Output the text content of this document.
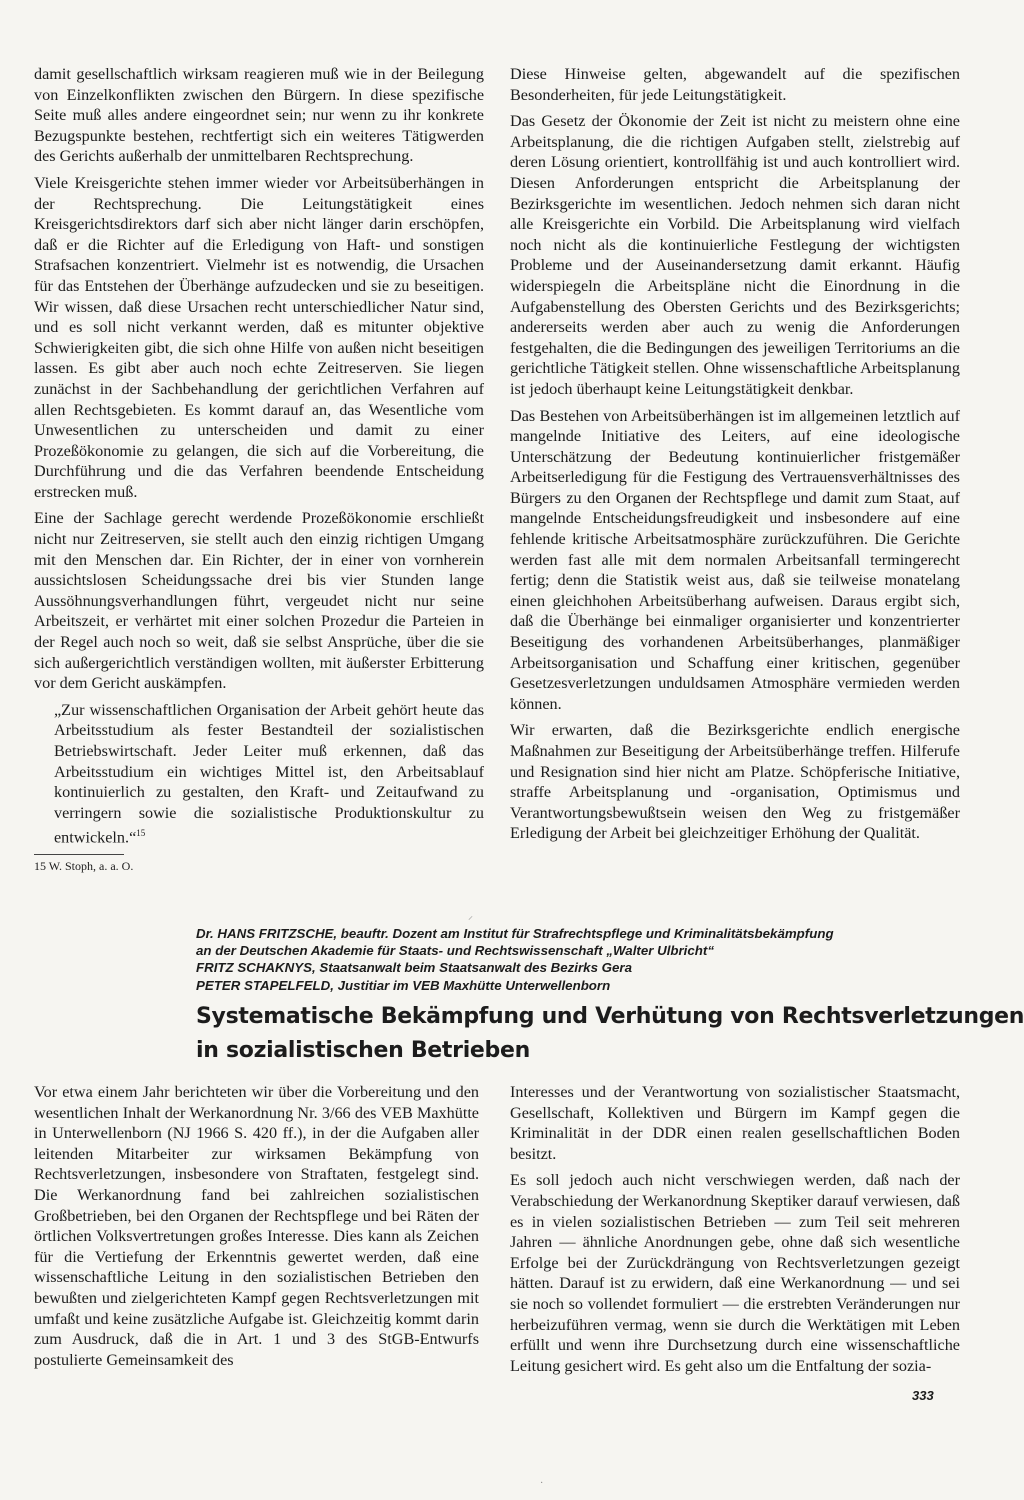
damit gesellschaftlich wirksam reagieren muß wie in der Beilegung von Einzelkonflikten zwischen den Bürgern. In diese spezifische Seite muß alles andere eingeordnet sein; nur wenn zu ihr konkrete Bezugspunkte bestehen, rechtfertigt sich ein weiteres Tätigwerden des Gerichts außerhalb der unmittelbaren Rechtsprechung.

Viele Kreisgerichte stehen immer wieder vor Arbeitsüberhängen in der Rechtsprechung. Die Leitungstätigkeit eines Kreisgerichtsdirektors darf sich aber nicht länger darin erschöpfen, daß er die Richter auf die Erledigung von Haft- und sonstigen Strafsachen konzentriert. Vielmehr ist es notwendig, die Ursachen für das Entstehen der Überhänge aufzudecken und sie zu beseitigen. Wir wissen, daß diese Ursachen recht unterschiedlicher Natur sind, und es soll nicht verkannt werden, daß es mitunter objektive Schwierigkeiten gibt, die sich ohne Hilfe von außen nicht beseitigen lassen. Es gibt aber auch noch echte Zeitreserven. Sie liegen zunächst in der Sachbehandlung der gerichtlichen Verfahren auf allen Rechtsgebieten. Es kommt darauf an, das Wesentliche vom Unwesentlichen zu unterscheiden und damit zu einer Prozeßökonomie zu gelangen, die sich auf die Vorbereitung, die Durchführung und die das Verfahren beendende Entscheidung erstrecken muß.

Eine der Sachlage gerecht werdende Prozeßökonomie erschließt nicht nur Zeitreserven, sie stellt auch den einzig richtigen Umgang mit den Menschen dar. Ein Richter, der in einer von vornherein aussichtslosen Scheidungssache drei bis vier Stunden lange Aussöhnungsverhandlungen führt, vergeudet nicht nur seine Arbeitszeit, er verhärtet mit einer solchen Prozedur die Parteien in der Regel auch noch so weit, daß sie selbst Ansprüche, über die sie sich außergerichtlich verständigen wollten, mit äußerster Erbitterung vor dem Gericht auskämpfen.

„Zur wissenschaftlichen Organisation der Arbeit gehört heute das Arbeitsstudium als fester Bestandteil der sozialistischen Betriebswirtschaft. Jeder Leiter muß erkennen, daß das Arbeitsstudium ein wichtiges Mittel ist, den Arbeitsablauf kontinuierlich zu gestalten, den Kraft- und Zeitaufwand zu verringern sowie die sozialistische Produktionskultur zu entwickeln.“$^{15}$

15 W. Stoph, a. a. O.

Diese Hinweise gelten, abgewandelt auf die spezifischen Besonderheiten, für jede Leitungstätigkeit.

Das Gesetz der Ökonomie der Zeit ist nicht zu meistern ohne eine Arbeitsplanung, die die richtigen Aufgaben stellt, zielstrebig auf deren Lösung orientiert, kontrollfähig ist und auch kontrolliert wird. Diesen Anforderungen entspricht die Arbeitsplanung der Bezirksgerichte im wesentlichen. Jedoch nehmen sich daran nicht alle Kreisgerichte ein Vorbild. Die Arbeitsplanung wird vielfach noch nicht als die kontinuierliche Festlegung der wichtigsten Probleme und der Auseinandersetzung damit erkannt. Häufig widerspiegeln die Arbeitspläne nicht die Einordnung in die Aufgabenstellung des Obersten Gerichts und des Bezirksgerichts; andererseits werden aber auch zu wenig die Anforderungen festgehalten, die die Bedingungen des jeweiligen Territoriums an die gerichtliche Tätigkeit stellen. Ohne wissenschaftliche Arbeitsplanung ist jedoch überhaupt keine Leitungstätigkeit denkbar.

Das Bestehen von Arbeitsüberhängen ist im allgemeinen letztlich auf mangelnde Initiative des Leiters, auf eine ideologische Unterschätzung der Bedeutung kontinuierlicher fristgemäßer Arbeitserledigung für die Festigung des Vertrauensverhältnisses des Bürgers zu den Organen der Rechtspflege und damit zum Staat, auf mangelnde Entscheidungsfreudigkeit und insbesondere auf eine fehlende kritische Arbeitsatmosphäre zurückzuführen. Die Gerichte werden fast alle mit dem normalen Arbeitsanfall termingerecht fertig; denn die Statistik weist aus, daß sie teilweise monatelang einen gleichhohen Arbeitsüberhang aufweisen. Daraus ergibt sich, daß die Überhänge bei einmaliger organisierter und konzentrierter Beseitigung des vorhandenen Arbeitsüberhanges, planmäßiger Arbeitsorganisation und Schaffung einer kritischen, gegenüber Gesetzesverletzungen unduldsamen Atmosphäre vermieden werden können.

Wir erwarten, daß die Bezirksgerichte endlich energische Maßnahmen zur Beseitigung der Arbeitsüberhänge treffen. Hilferufe und Resignation sind hier nicht am Platze. Schöpferische Initiative, straffe Arbeitsplanung und -organisation, Optimismus und Verantwortungsbewußtsein weisen den Weg zu fristgemäßer Erledigung der Arbeit bei gleichzeitiger Erhöhung der Qualität.

Dr. HANS FRITZSCHE, beauftr. Dozent am Institut für Strafrechtspflege und Kriminalitätsbekämpfung
an der Deutschen Akademie für Staats- und Rechtswissenschaft „Walter Ulbricht“
FRITZ SCHAKNYS, Staatsanwalt beim Staatsanwalt des Bezirks Gera
PETER STAPELFELD, Justitiar im VEB Maxhütte Unterwellenborn
Systematische Bekämpfung und Verhütung von Rechtsverletzungen
in sozialistischen Betrieben

Vor etwa einem Jahr berichteten wir über die Vorbereitung und den wesentlichen Inhalt der Werkanordnung Nr. 3/66 des VEB Maxhütte in Unterwellenborn (NJ 1966 S. 420 ff.), in der die Aufgaben aller leitenden Mitarbeiter zur wirksamen Bekämpfung von Rechtsverletzungen, insbesondere von Straftaten, festgelegt sind. Die Werkanordnung fand bei zahlreichen sozialistischen Großbetrieben, bei den Organen der Rechtspflege und bei Räten der örtlichen Volksvertretungen großes Interesse. Dies kann als Zeichen für die Vertiefung der Erkenntnis gewertet werden, daß eine wissenschaftliche Leitung in den sozialistischen Betrieben den bewußten und zielgerichteten Kampf gegen Rechtsverletzungen mit umfaßt und keine zusätzliche Aufgabe ist. Gleichzeitig kommt darin zum Ausdruck, daß die in Art. 1 und 3 des StGB-Entwurfs postulierte Gemeinsamkeit des

Interesses und der Verantwortung von sozialistischer Staatsmacht, Gesellschaft, Kollektiven und Bürgern im Kampf gegen die Kriminalität in der DDR einen realen gesellschaftlichen Boden besitzt.

Es soll jedoch auch nicht verschwiegen werden, daß nach der Verabschiedung der Werkanordnung Skeptiker darauf verwiesen, daß es in vielen sozialistischen Betrieben — zum Teil seit mehreren Jahren — ähnliche Anordnungen gebe, ohne daß sich wesentliche Erfolge bei der Zurückdrängung von Rechtsverletzungen gezeigt hätten. Darauf ist zu erwidern, daß eine Werkanordnung — und sei sie noch so vollendet formuliert — die erstrebten Veränderungen nur herbeizuführen vermag, wenn sie durch die Werktätigen mit Leben erfüllt und wenn ihre Durchsetzung durch eine wissenschaftliche Leitung gesichert wird. Es geht also um die Entfaltung der sozia-

333
⸝
·
